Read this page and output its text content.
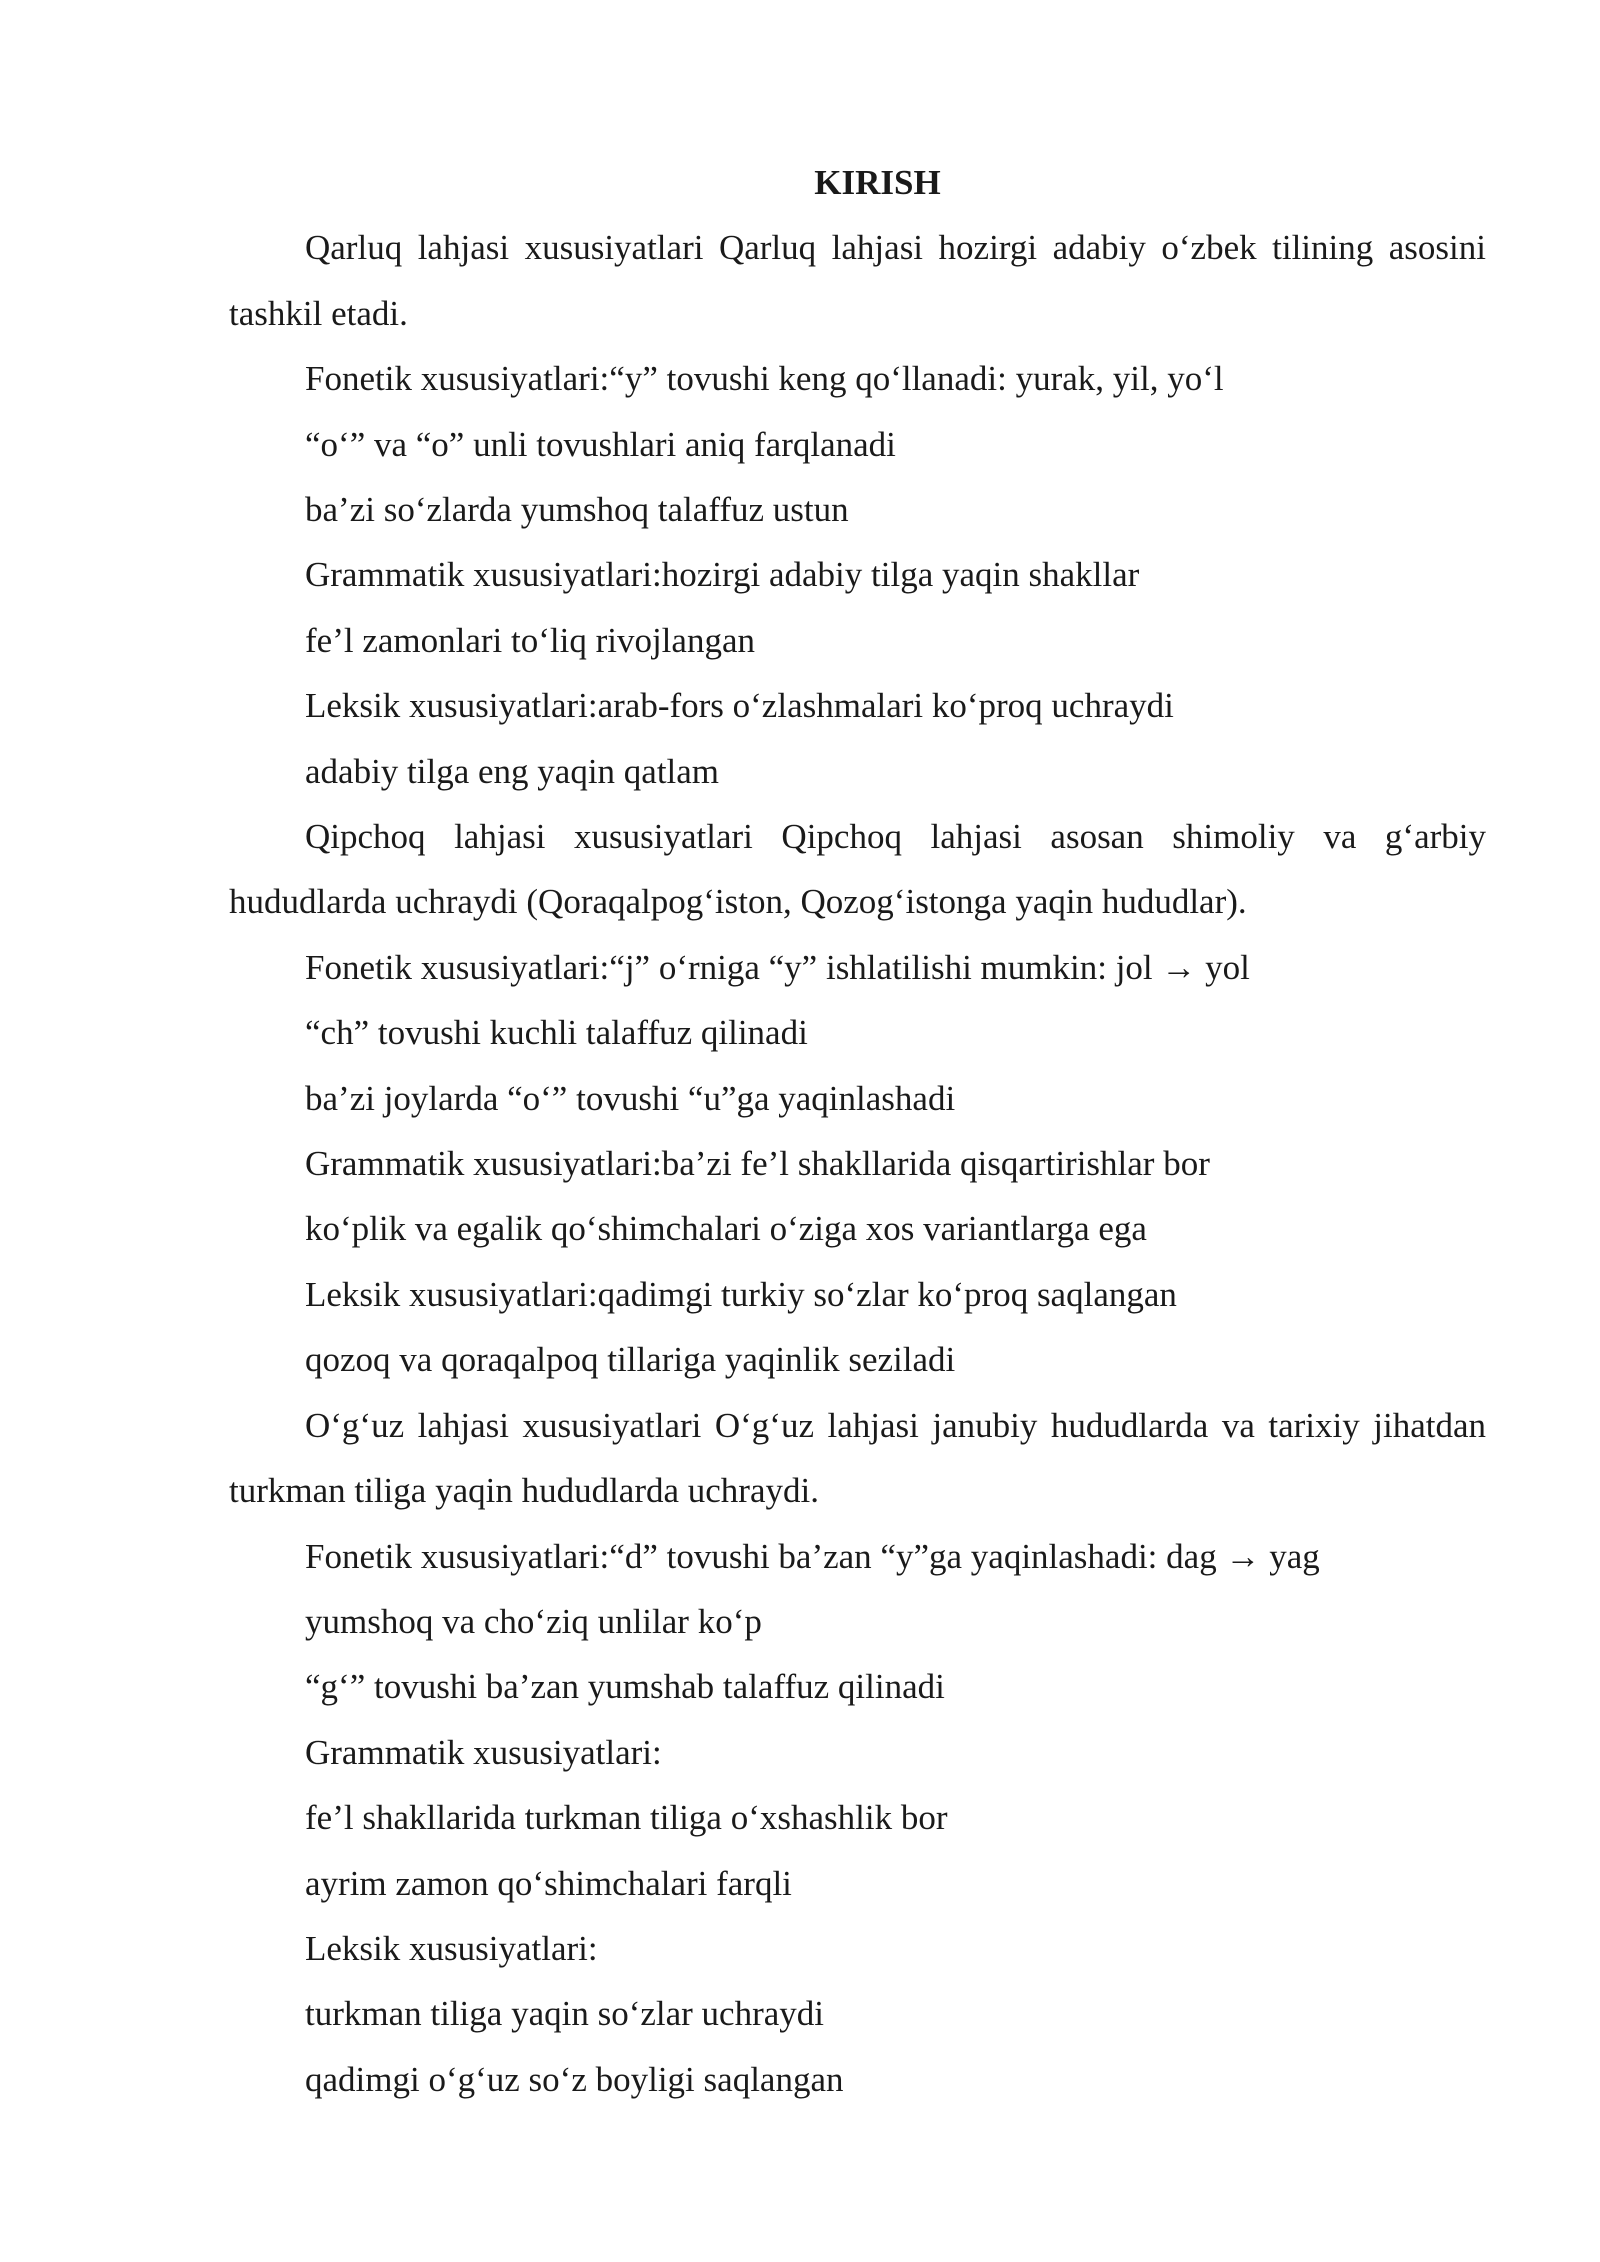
KIRISH

Qarluq lahjasi xususiyatlari Qarluq lahjasi hozirgi adabiy o‘zbek tilining asosini tashkil etadi.

Fonetik xususiyatlari:“y” tovushi keng qo‘llanadi: yurak, yil, yo‘l

“o‘” va “o” unli tovushlari aniq farqlanadi

ba’zi so‘zlarda yumshoq talaffuz ustun

Grammatik xususiyatlari:hozirgi adabiy tilga yaqin shakllar

fe’l zamonlari to‘liq rivojlangan

Leksik xususiyatlari:arab-fors o‘zlashmalari ko‘proq uchraydi

adabiy tilga eng yaqin qatlam

Qipchoq lahjasi xususiyatlari Qipchoq lahjasi asosan shimoliy va g‘arbiy hududlarda uchraydi (Qoraqalpog‘iston, Qozog‘istonga yaqin hududlar).

Fonetik xususiyatlari:“j” o‘rniga “y” ishlatilishi mumkin: jol → yol

“ch” tovushi kuchli talaffuz qilinadi

ba’zi joylarda “o‘” tovushi “u”ga yaqinlashadi

Grammatik xususiyatlari:ba’zi fe’l shakllarida qisqartirishlar bor

ko‘plik va egalik qo‘shimchalari o‘ziga xos variantlarga ega

Leksik xususiyatlari:qadimgi turkiy so‘zlar ko‘proq saqlangan

qozoq va qoraqalpoq tillariga yaqinlik seziladi

O‘g‘uz lahjasi xususiyatlari O‘g‘uz lahjasi janubiy hududlarda va tarixiy jihatdan turkman tiliga yaqin hududlarda uchraydi.

Fonetik xususiyatlari:“d” tovushi ba’zan “y”ga yaqinlashadi: dag → yag

yumshoq va cho‘ziq unlilar ko‘p

“g‘” tovushi ba’zan yumshab talaffuz qilinadi

Grammatik xususiyatlari:

fe’l shakllarida turkman tiliga o‘xshashlik bor

ayrim zamon qo‘shimchalari farqli

Leksik xususiyatlari:

turkman tiliga yaqin so‘zlar uchraydi

qadimgi o‘g‘uz so‘z boyligi saqlangan
